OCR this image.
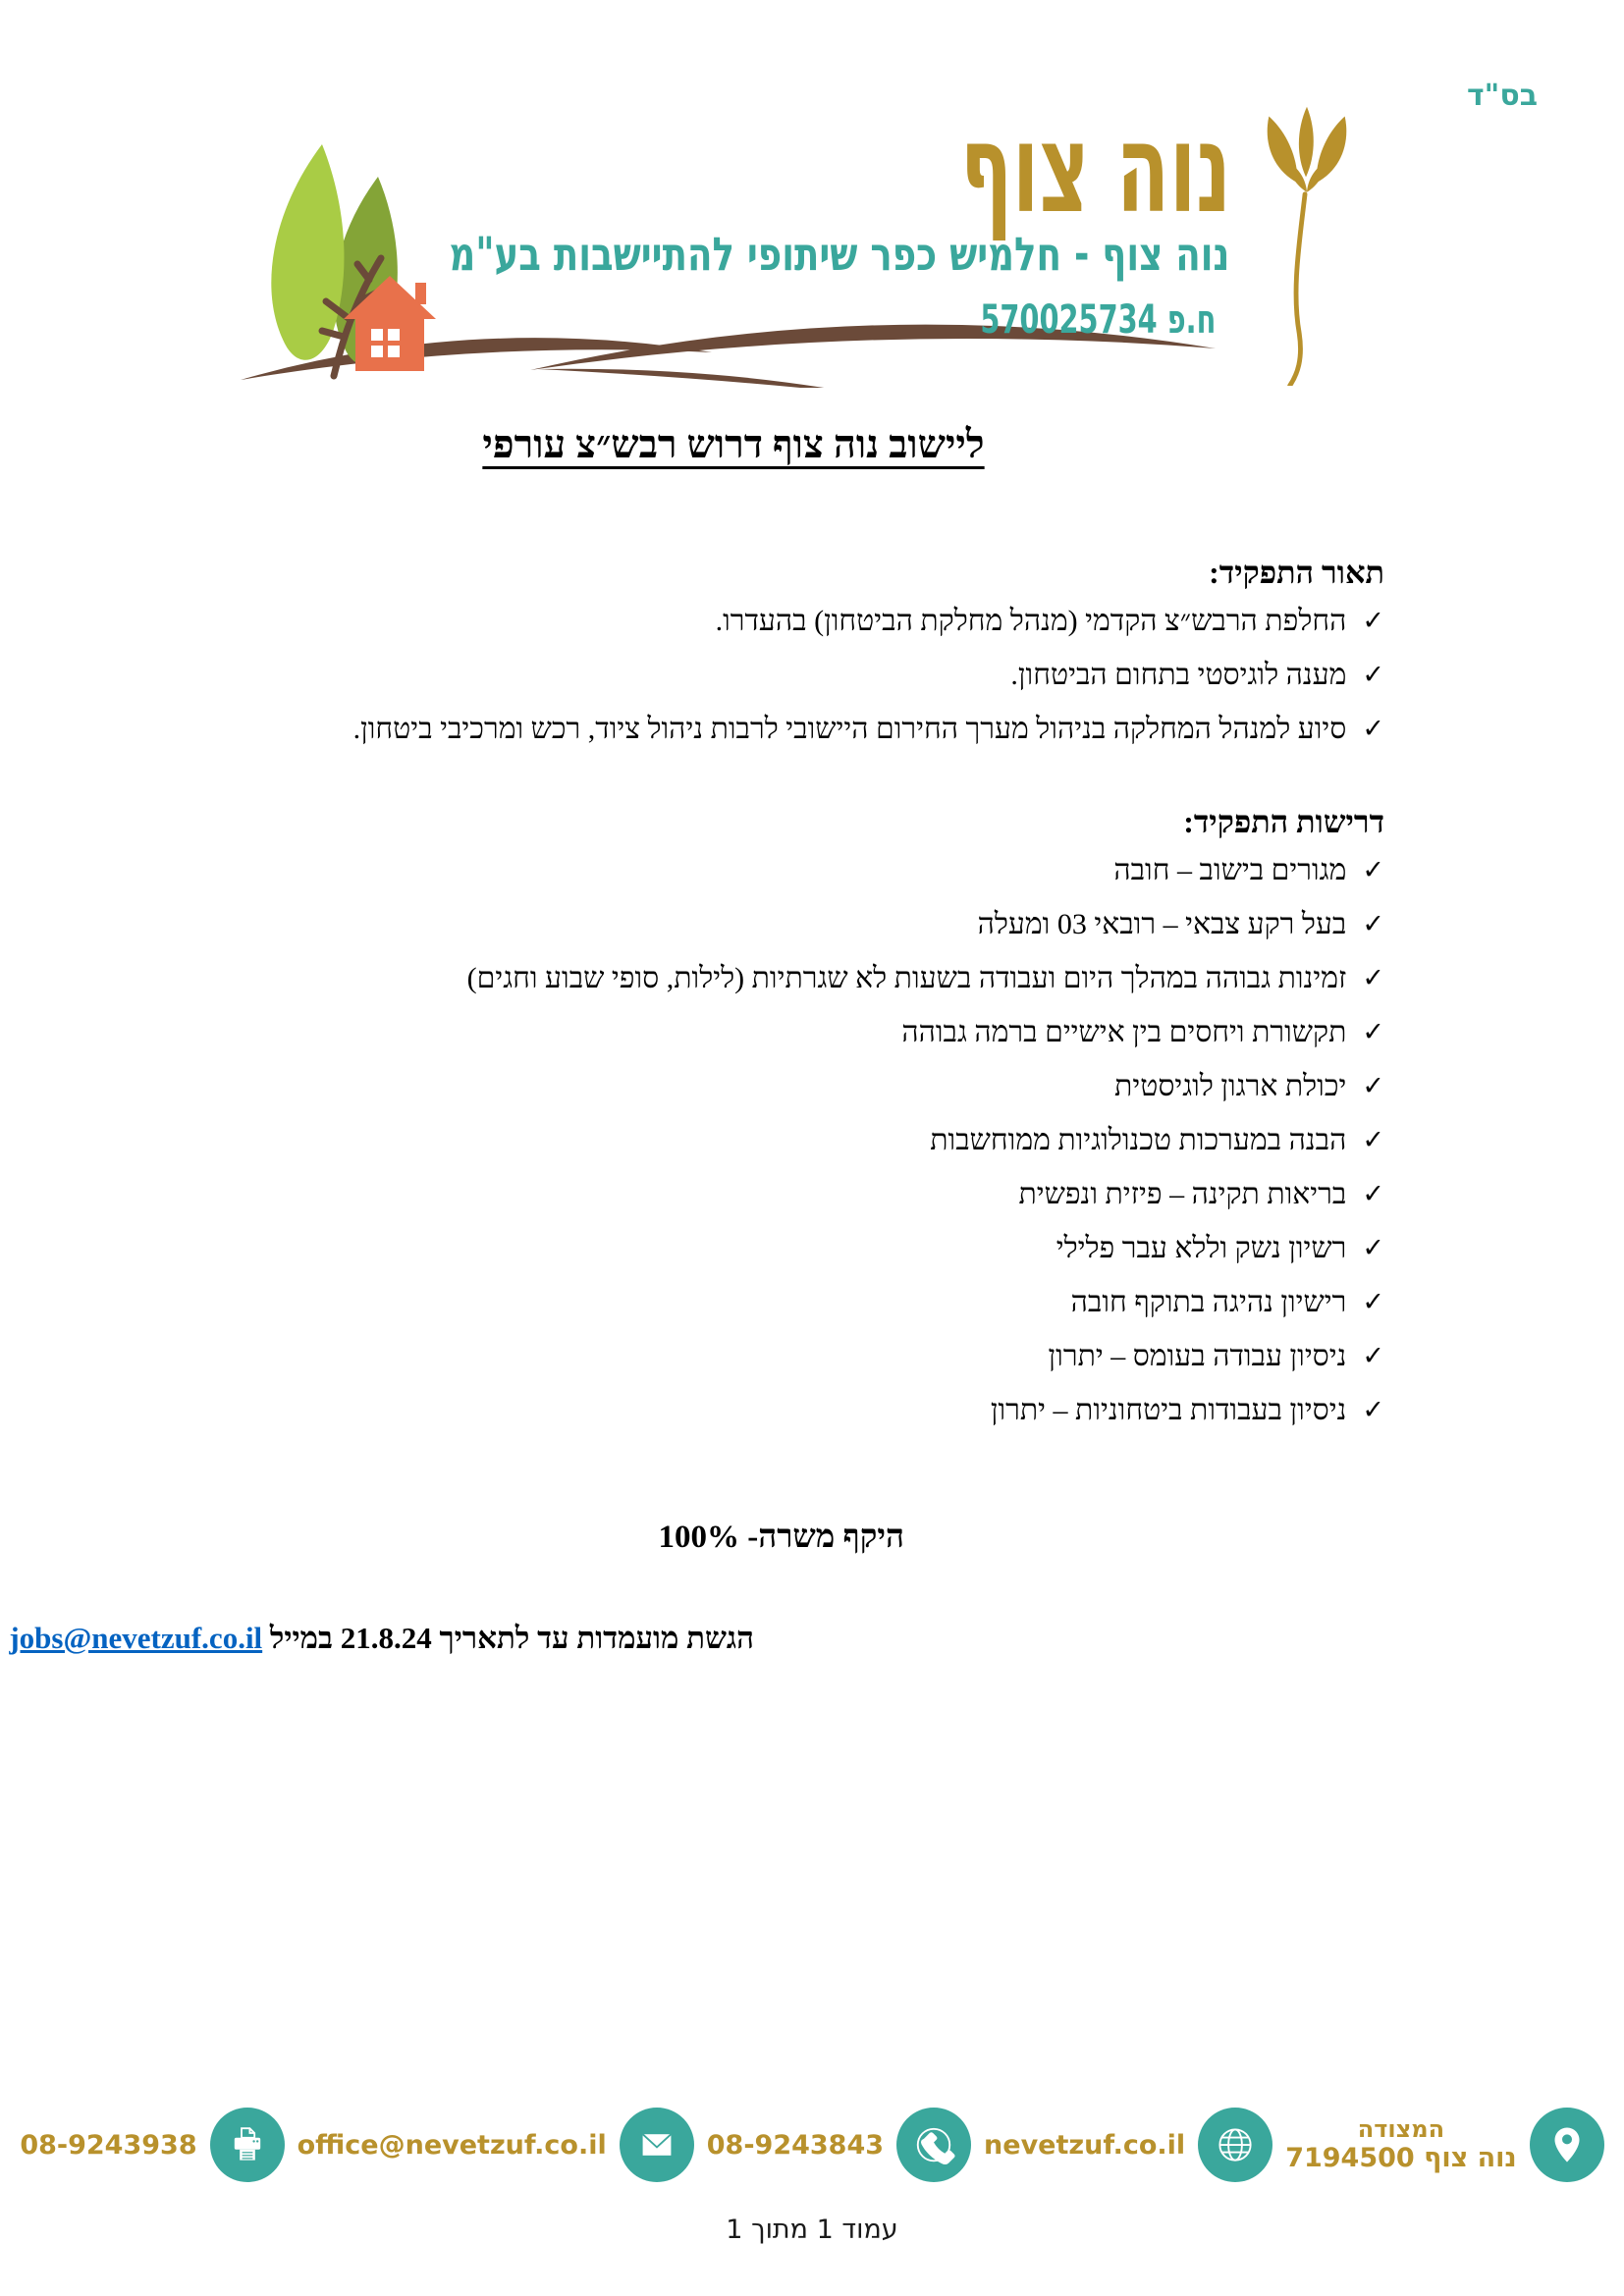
בס"ד
נוה צוף
נוה צוף - חלמיש כפר שיתופי להתיישבות בע"מ
ח.פ 570025734
ליישוב נוה צוף דרוש רבש״צ עורפי
תאור התפקיד:
✓
החלפת הרבש״צ הקדמי (מנהל מחלקת הביטחון) בהעדרו.
✓
מענה לוגיסטי בתחום הביטחון.
✓
סיוע למנהל המחלקה בניהול מערך החירום היישובי לרבות ניהול ציוד, רכש ומרכיבי ביטחון.
דרישות התפקיד:
✓
מגורים בישוב – חובה
✓
בעל רקע צבאי – רובאי 03 ומעלה
✓
זמינות גבוהה במהלך היום ועבודה בשעות לא שגרתיות (לילות, סופי שבוע וחגים)
✓
תקשורת ויחסים בין אישיים ברמה גבוהה
✓
יכולת ארגון לוגיסטית
✓
הבנה במערכות טכנולוגיות ממוחשבות
✓
בריאות תקינה – פיזית ונפשית
✓
רשיון נשק וללא עבר פלילי
✓
רישיון נהיגה בתוקף חובה
✓
ניסיון עבודה בעומס – יתרון
✓
ניסיון בעבודות ביטחוניות – יתרון

היקף משרה- 100%

הגשת מועמדות עד לתאריך 21.8.24 במייל jobs@nevetzuf.co.il

08-9243938	office@nevetzuf.co.il	08-9243843	nevetzuf.co.il
המצודה
נוה צוף 7194500
עמוד 1 מתוך 1
